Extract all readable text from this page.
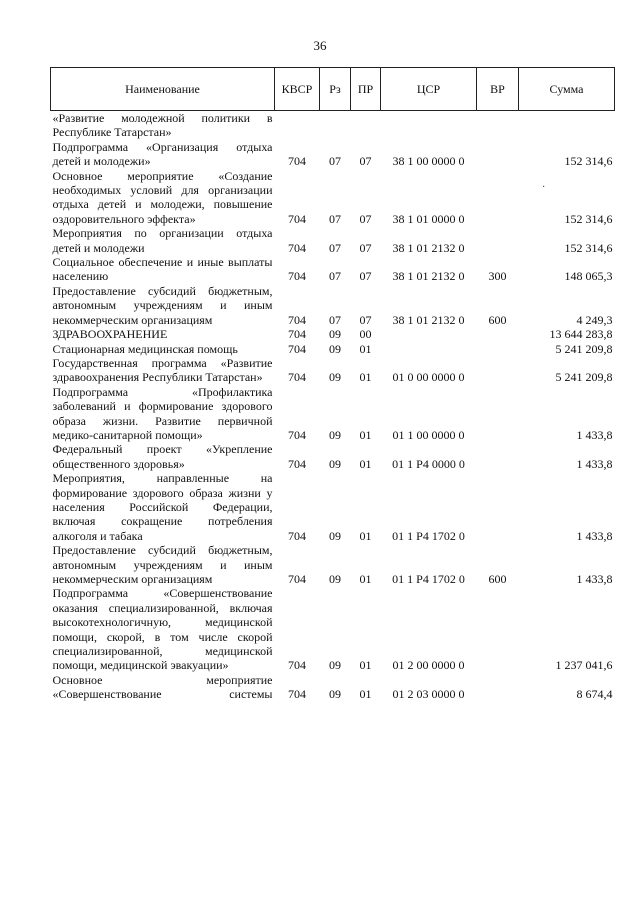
36
Наименование	КВСР	Рз	ПР	ЦСР	ВР	Сумма
«Развитие молодежной политики в Республике Татарстан»						
Подпрограмма «Организация отдыха детей и молодежи»	704	07	07	38 1 00 0000 0		152 314,6
Основное мероприятие «Создание необходимых условий для организации отдыха детей и молодежи, повышение оздоровительного эффекта»	704	07	07	38 1 01 0000 0		152 314,6
Мероприятия по организации отдыха детей и молодежи	704	07	07	38 1 01 2132 0		152 314,6
Социальное обеспечение и иные выплаты населению	704	07	07	38 1 01 2132 0	300	148 065,3
Предоставление субсидий бюджетным, автономным учреждениям и иным некоммерческим организациям	704	07	07	38 1 01 2132 0	600	4 249,3
ЗДРАВООХРАНЕНИЕ	704	09	00			13 644 283,8
Стационарная медицинская помощь	704	09	01			5 241 209,8
Государственная программа «Развитие здравоохранения Республики Татарстан»	704	09	01	01 0 00 0000 0		5 241 209,8
Подпрограмма «Профилактика заболеваний и формирование здорового образа жизни. Развитие первичной медико-санитарной помощи»	704	09	01	01 1 00 0000 0		1 433,8
Федеральный проект «Укрепление общественного здоровья»	704	09	01	01 1 P4 0000 0		1 433,8
Мероприятия, направленные на формирование здорового образа жизни у населения Российской Федерации, включая сокращение потребления алкоголя и табака	704	09	01	01 1 P4 1702 0		1 433,8
Предоставление субсидий бюджетным, автономным учреждениям и иным некоммерческим организациям	704	09	01	01 1 P4 1702 0	600	1 433,8
Подпрограмма «Совершенствование оказания специализированной, включая высокотехнологичную, медицинской помощи, скорой, в том числе скорой специализированной, медицинской помощи, медицинской эвакуации»	704	09	01	01 2 00 0000 0		1 237 041,6
Основное мероприятие «Совершенствование системы	704	09	01	01 2 03 0000 0		8 674,4
·
